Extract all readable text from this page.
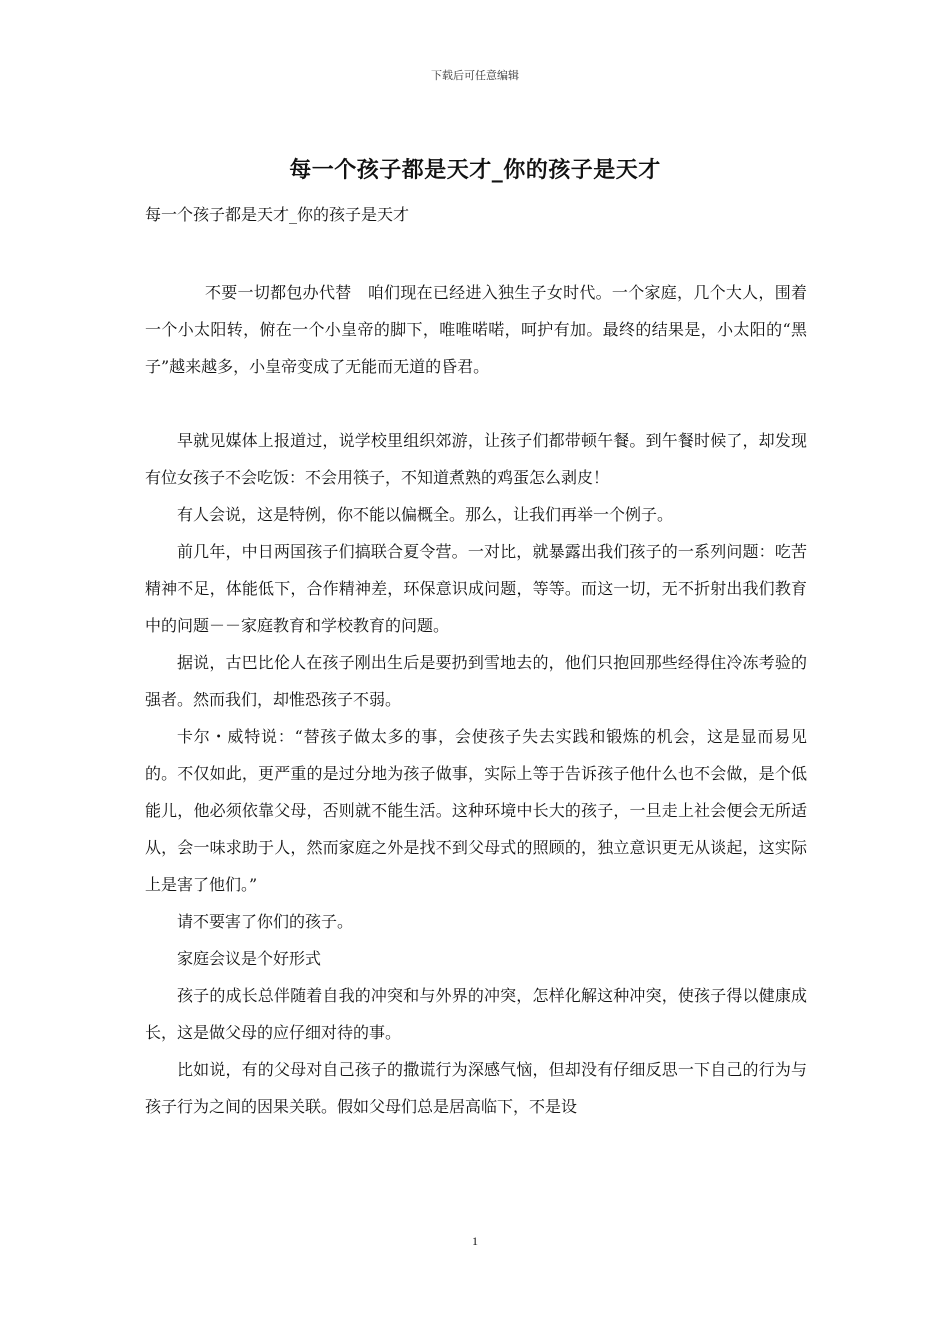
下载后可任意编辑
每一个孩子都是天才_你的孩子是天才
每一个孩子都是天才_你的孩子是天才

不要一切都包办代替　咱们现在已经进入独生子女时代。一个家庭，几个大人，围着一个小太阳转，俯在一个小皇帝的脚下，唯唯喏喏，呵护有加。最终的结果是，小太阳的“黑子”越来越多，小皇帝变成了无能而无道的昏君。

早就见媒体上报道过，说学校里组织郊游，让孩子们都带顿午餐。到午餐时候了，却发现有位女孩子不会吃饭：不会用筷子，不知道煮熟的鸡蛋怎么剥皮！

有人会说，这是特例，你不能以偏概全。那么，让我们再举一个例子。

前几年，中日两国孩子们搞联合夏令营。一对比，就暴露出我们孩子的一系列问题：吃苦精神不足，体能低下，合作精神差，环保意识成问题，等等。而这一切，无不折射出我们教育中的问题－－家庭教育和学校教育的问题。

据说，古巴比伦人在孩子刚出生后是要扔到雪地去的，他们只抱回那些经得住冷冻考验的强者。然而我们，却惟恐孩子不弱。

卡尔・威特说：“替孩子做太多的事，会使孩子失去实践和锻炼的机会，这是显而易见的。不仅如此，更严重的是过分地为孩子做事，实际上等于告诉孩子他什么也不会做，是个低能儿，他必须依靠父母，否则就不能生活。这种环境中长大的孩子，一旦走上社会便会无所适从，会一味求助于人，然而家庭之外是找不到父母式的照顾的，独立意识更无从谈起，这实际上是害了他们。”

请不要害了你们的孩子。

家庭会议是个好形式

孩子的成长总伴随着自我的冲突和与外界的冲突，怎样化解这种冲突，使孩子得以健康成长，这是做父母的应仔细对待的事。

比如说，有的父母对自己孩子的撒谎行为深感气恼，但却没有仔细反思一下自己的行为与孩子行为之间的因果关联。假如父母们总是居高临下，不是设

1
